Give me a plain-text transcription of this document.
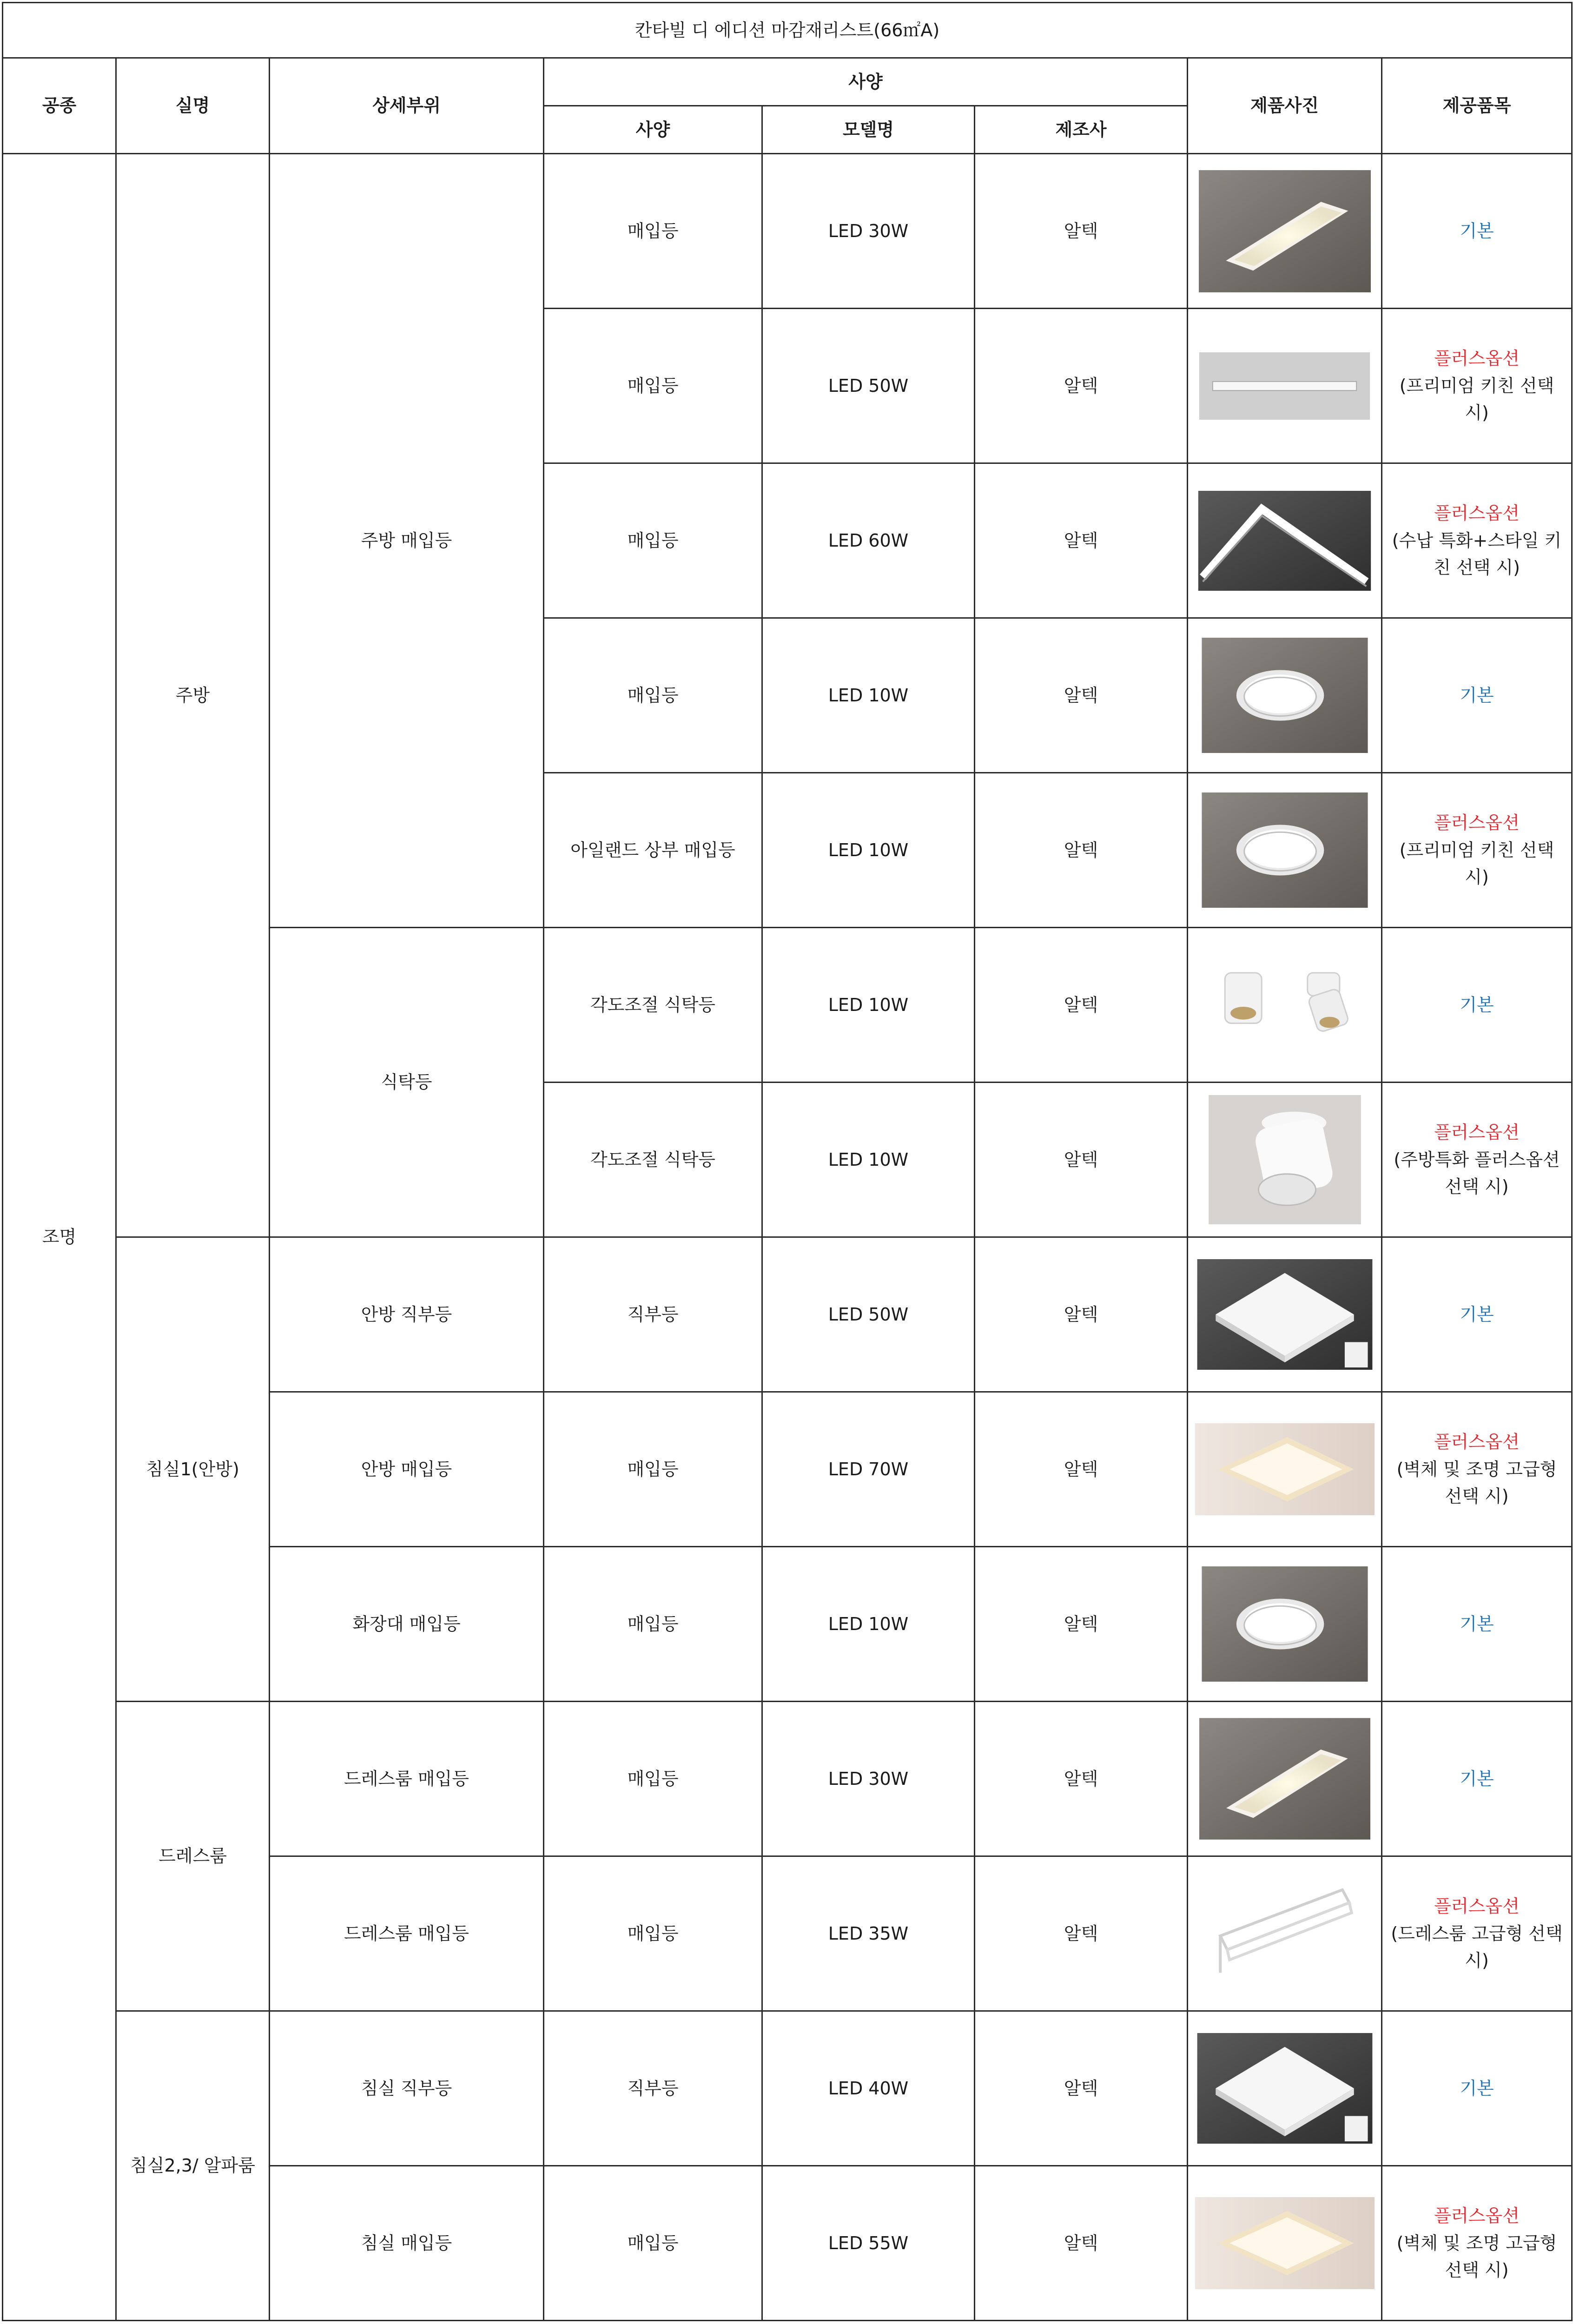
칸타빌 디 에디션 마감재리스트(66㎡A)							
공종	실명	상세부위	사양			제품사진	제공품목
			사양	모델명	제조사		
조명	주방	주방 매입등	매입등	LED 30W	알텍		기본
			매입등	LED 50W	알텍		플러스옵션
(프리미엄 키친 선택 시)

			매입등	LED 60W	알텍		플러스옵션
(수납 특화+스타일 키친 선택 시)

			매입등	LED 10W	알텍		기본
			아일랜드 상부 매입등	LED 10W	알텍		플러스옵션
(프리미엄 키친 선택 시)

		식탁등	각도조절 식탁등	LED 10W	알텍		기본
			각도조절 식탁등	LED 10W	알텍		플러스옵션
(주방특화 플러스옵션 선택 시)

	침실1(안방)	안방 직부등	직부등	LED 50W	알텍		기본
		안방 매입등	매입등	LED 70W	알텍		플러스옵션
(벽체 및 조명 고급형 선택 시)

		화장대 매입등	매입등	LED 10W	알텍		기본
	드레스룸	드레스룸 매입등	매입등	LED 30W	알텍		기본
		드레스룸 매입등	매입등	LED 35W	알텍		플러스옵션
(드레스룸 고급형 선택 시)

	침실2,3/ 알파룸	침실 직부등	직부등	LED 40W	알텍		기본
		침실 매입등	매입등	LED 55W	알텍		플러스옵션
(벽체 및 조명 고급형 선택 시)
